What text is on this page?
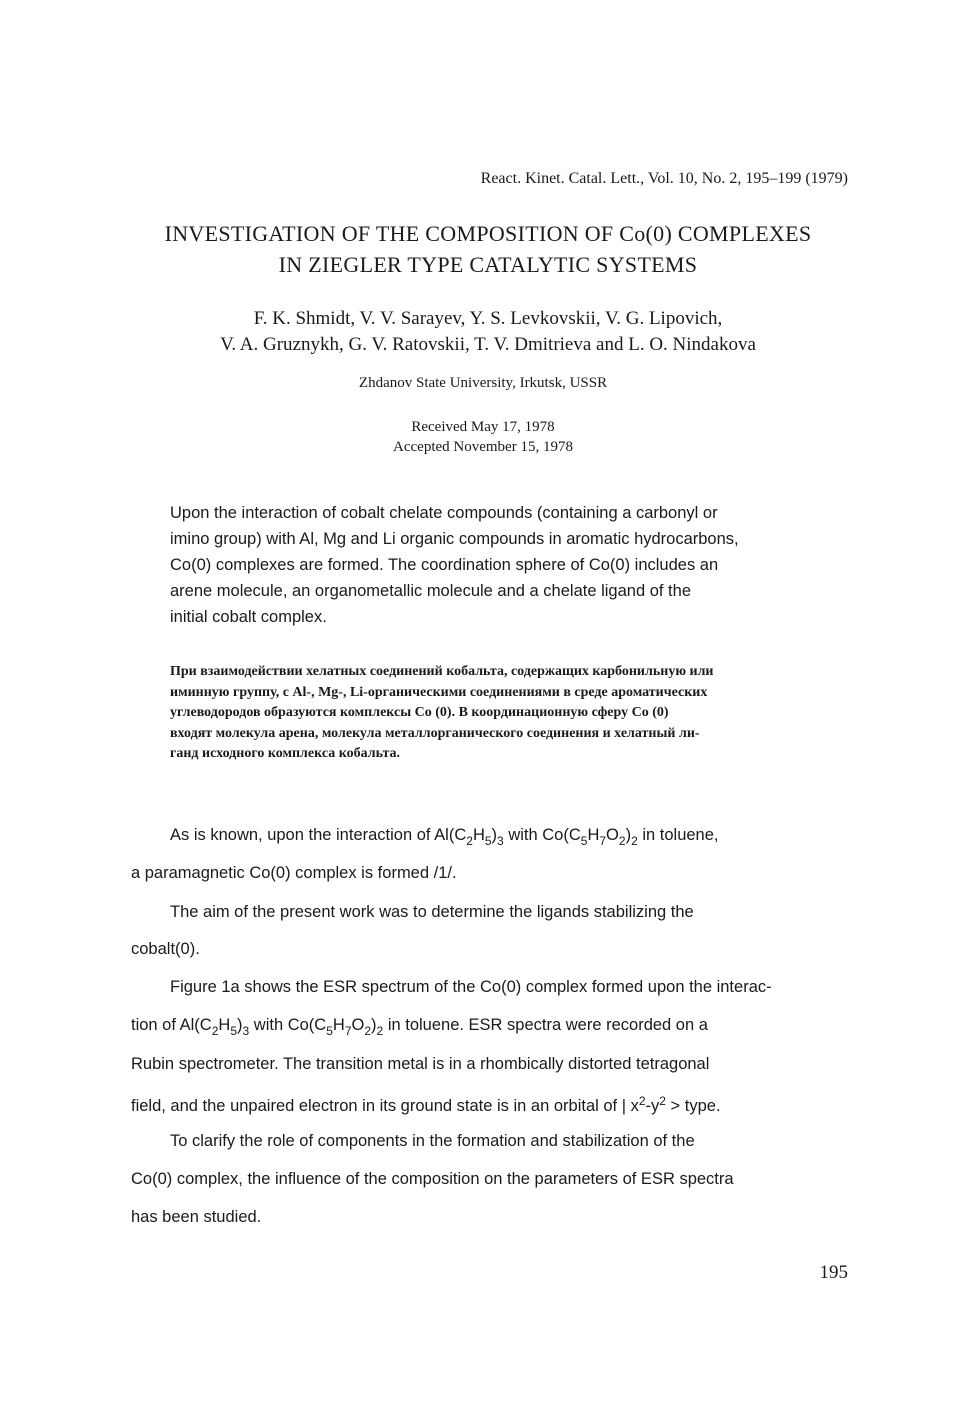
React. Kinet. Catal. Lett., Vol. 10, No. 2, 195–199 (1979)
INVESTIGATION OF THE COMPOSITION OF Co(0) COMPLEXES
IN ZIEGLER TYPE CATALYTIC SYSTEMS
F. K. Shmidt, V. V. Sarayev, Y. S. Levkovskii, V. G. Lipovich,
V. A. Gruznykh, G. V. Ratovskii, T. V. Dmitrieva and L. O. Nindakova
Zhdanov State University, Irkutsk, USSR
Received May 17, 1978
Accepted November 15, 1978
Upon the interaction of cobalt chelate compounds (containing a carbonyl or
imino group) with Al, Mg and Li organic compounds in aromatic hydrocarbons,
Co(0) complexes are formed. The coordination sphere of Co(0) includes an
arene molecule, an organometallic molecule and a chelate ligand of the
initial cobalt complex.
При взаимодействии хелатных соединений кобальта, содержащих карбонильную или
иминную группу, с Al-, Mg-, Li-органическими соединениями в среде ароматических
углеводородов образуются комплексы Co (0). В координационную сферу Co (0)
входят молекула арена, молекула металлорганического соединения и хелатный ли-
ганд исходного комплекса кобальта.
As is known, upon the interaction of $Al(C_2H_5)_3$ with $Co(C_5H_7O_2)_2$ in toluene,
a paramagnetic Co(0) complex is formed /1/.
The aim of the present work was to determine the ligands stabilizing the
cobalt(0).
Figure 1a shows the ESR spectrum of the Co(0) complex formed upon the interac-
tion of $Al(C_2H_5)_3$ with $Co(C_5H_7O_2)_2$ in toluene. ESR spectra were recorded on a
Rubin spectrometer. The transition metal is in a rhombically distorted tetragonal
field, and the unpaired electron in its ground state is in an orbital of | $x^2-y^2$ > type.
To clarify the role of components in the formation and stabilization of the
Co(0) complex, the influence of the composition on the parameters of ESR spectra
has been studied.
195
